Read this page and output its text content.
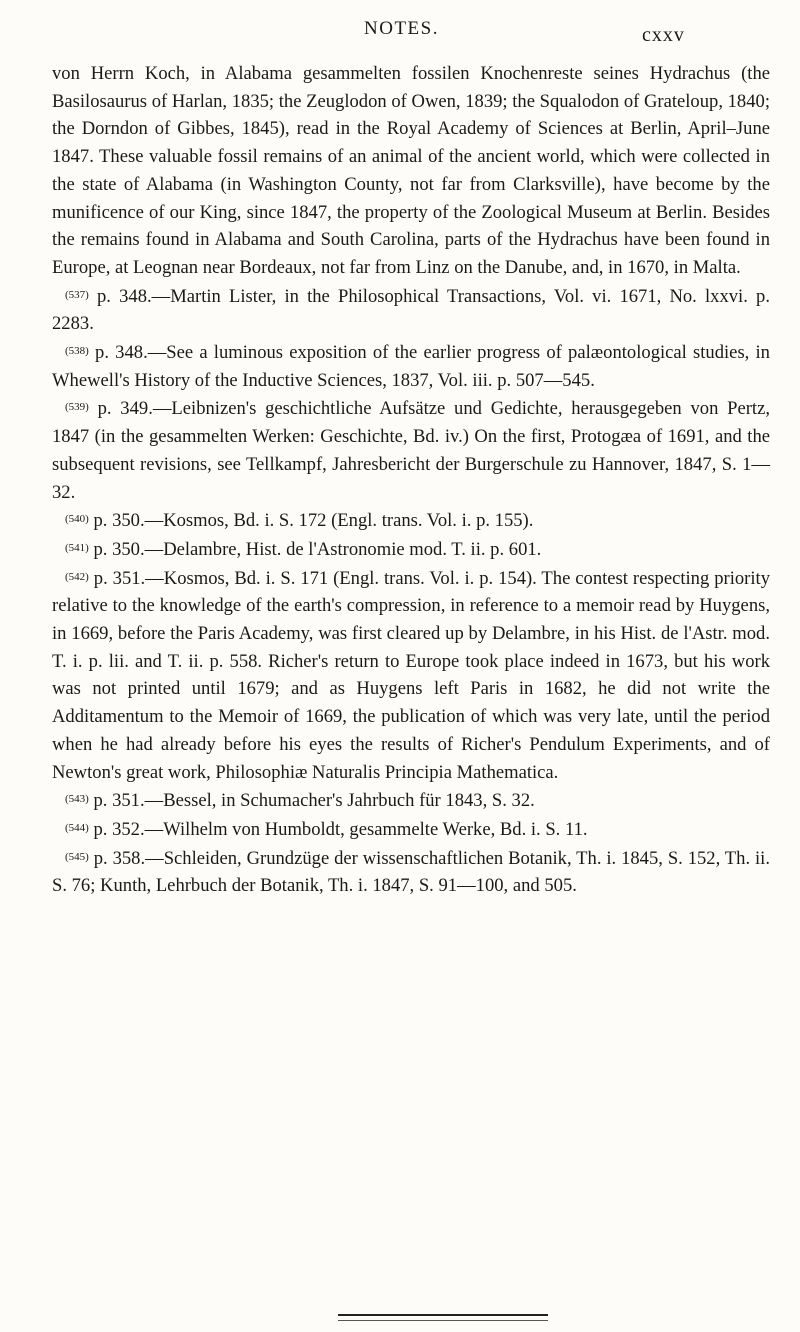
NOTES.	cxxv

von Herrn Koch, in Alabama gesammelten fossilen Knochenreste seines Hydrachus (the Basilosaurus of Harlan, 1835; the Zeuglodon of Owen, 1839; the Squalodon of Grateloup, 1840; the Dorndon of Gibbes, 1845), read in the Royal Academy of Sciences at Berlin, April–June 1847. These valuable fossil remains of an animal of the ancient world, which were collected in the state of Alabama (in Washington County, not far from Clarksville), have become by the munificence of our King, since 1847, the property of the Zoological Museum at Berlin. Besides the remains found in Alabama and South Carolina, parts of the Hydrachus have been found in Europe, at Leognan near Bordeaux, not far from Linz on the Danube, and, in 1670, in Malta.

$^{(537)}$ p. 348.—Martin Lister, in the Philosophical Transactions, Vol. vi. 1671, No. lxxvi. p. 2283.

$^{(538)}$ p. 348.—See a luminous exposition of the earlier progress of palæontological studies, in Whewell's History of the Inductive Sciences, 1837, Vol. iii. p. 507—545.

$^{(539)}$ p. 349.—Leibnizen's geschichtliche Aufsätze und Gedichte, herausgegeben von Pertz, 1847 (in the gesammelten Werken: Geschichte, Bd. iv.) On the first, Protogæa of 1691, and the subsequent revisions, see Tellkampf, Jahresbericht der Burgerschule zu Hannover, 1847, S. 1—32.

$^{(540)}$ p. 350.—Kosmos, Bd. i. S. 172 (Engl. trans. Vol. i. p. 155).

$^{(541)}$ p. 350.—Delambre, Hist. de l'Astronomie mod. T. ii. p. 601.

$^{(542)}$ p. 351.—Kosmos, Bd. i. S. 171 (Engl. trans. Vol. i. p. 154). The contest respecting priority relative to the knowledge of the earth's compression, in reference to a memoir read by Huygens, in 1669, before the Paris Academy, was first cleared up by Delambre, in his Hist. de l'Astr. mod. T. i. p. lii. and T. ii. p. 558. Richer's return to Europe took place indeed in 1673, but his work was not printed until 1679; and as Huygens left Paris in 1682, he did not write the Additamentum to the Memoir of 1669, the publication of which was very late, until the period when he had already before his eyes the results of Richer's Pendulum Experiments, and of Newton's great work, Philosophiæ Naturalis Principia Mathematica.

$^{(543)}$ p. 351.—Bessel, in Schumacher's Jahrbuch für 1843, S. 32.

$^{(544)}$ p. 352.—Wilhelm von Humboldt, gesammelte Werke, Bd. i. S. 11.

$^{(545)}$ p. 358.—Schleiden, Grundzüge der wissenschaftlichen Botanik, Th. i. 1845, S. 152, Th. ii. S. 76; Kunth, Lehrbuch der Botanik, Th. i. 1847, S. 91—100, and 505.
